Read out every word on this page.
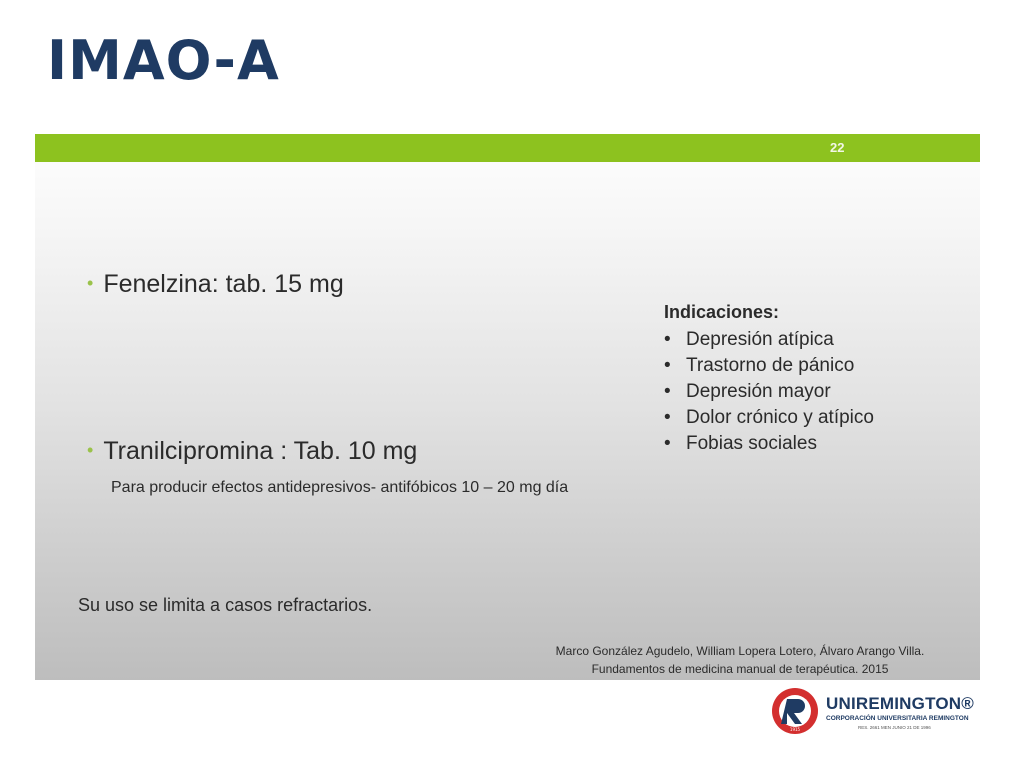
IMAO-A
22
• Fenelzina: tab. 15 mg
• Tranilcipromina : Tab. 10 mg
Para producir efectos antidepresivos- antifóbicos 10 – 20 mg día
Indicaciones:
• Depresión atípica
• Trastorno de pánico
• Depresión mayor
• Dolor crónico y atípico
• Fobias sociales
Su uso se limita a casos refractarios.
Marco González Agudelo, William Lopera Lotero, Álvaro Arango Villa.
Fundamentos de medicina manual de terapéutica. 2015
1915
UNIREMINGTON®
CORPORACIÓN UNIVERSITARIA REMINGTON
RES. 2661 MEN JUNIO 21 DE 1996
